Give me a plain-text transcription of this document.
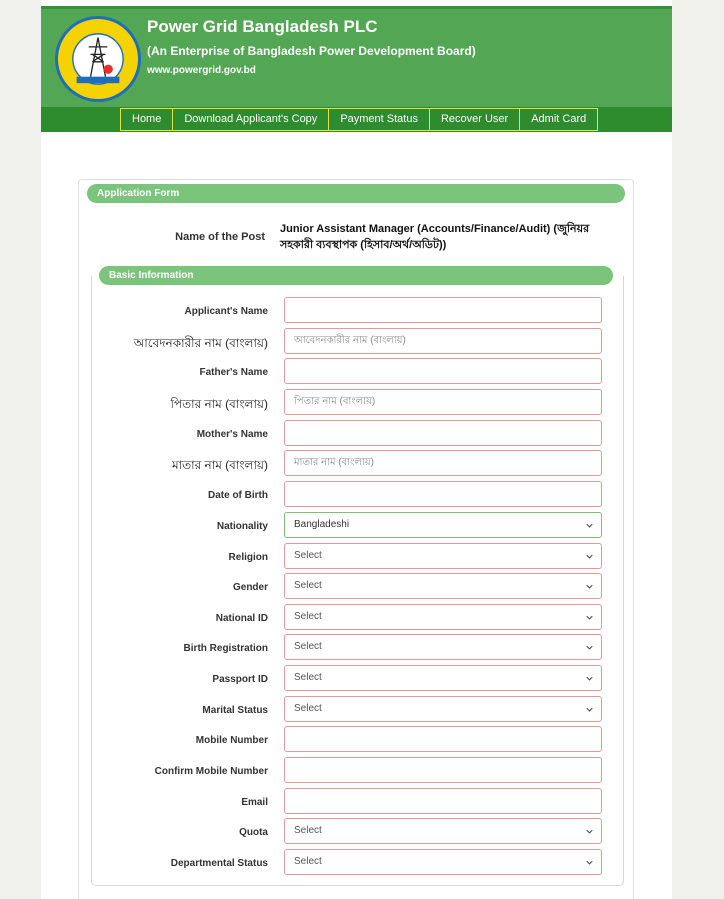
Power Grid Bangladesh PLC
(An Enterprise of Bangladesh Power Development Board)
www.powergrid.gov.bd
Home	Download Applicant's Copy	Payment Status	Recover User	Admit Card
Application Form
Name of the Post
Junior Assistant Manager (Accounts/Finance/Audit) (জুনিয়র সহকারী ব্যবস্থাপক (হিসাব/অর্থ/অডিট))
Basic Information
Applicant's Name
আবেদনকারীর নাম (বাংলায়)	আবেদনকারীর নাম (বাংলায়)
Father's Name
পিতার নাম (বাংলায়)	পিতার নাম (বাংলায়)
Mother's Name
মাতার নাম (বাংলায়)	মাতার নাম (বাংলায়)
Date of Birth
Nationality	Bangladeshi
Religion	Select
Gender	Select
National ID	Select
Birth Registration	Select
Passport ID	Select
Marital Status	Select
Mobile Number
Confirm Mobile Number
Email
Quota	Select
Departmental Status	Select
